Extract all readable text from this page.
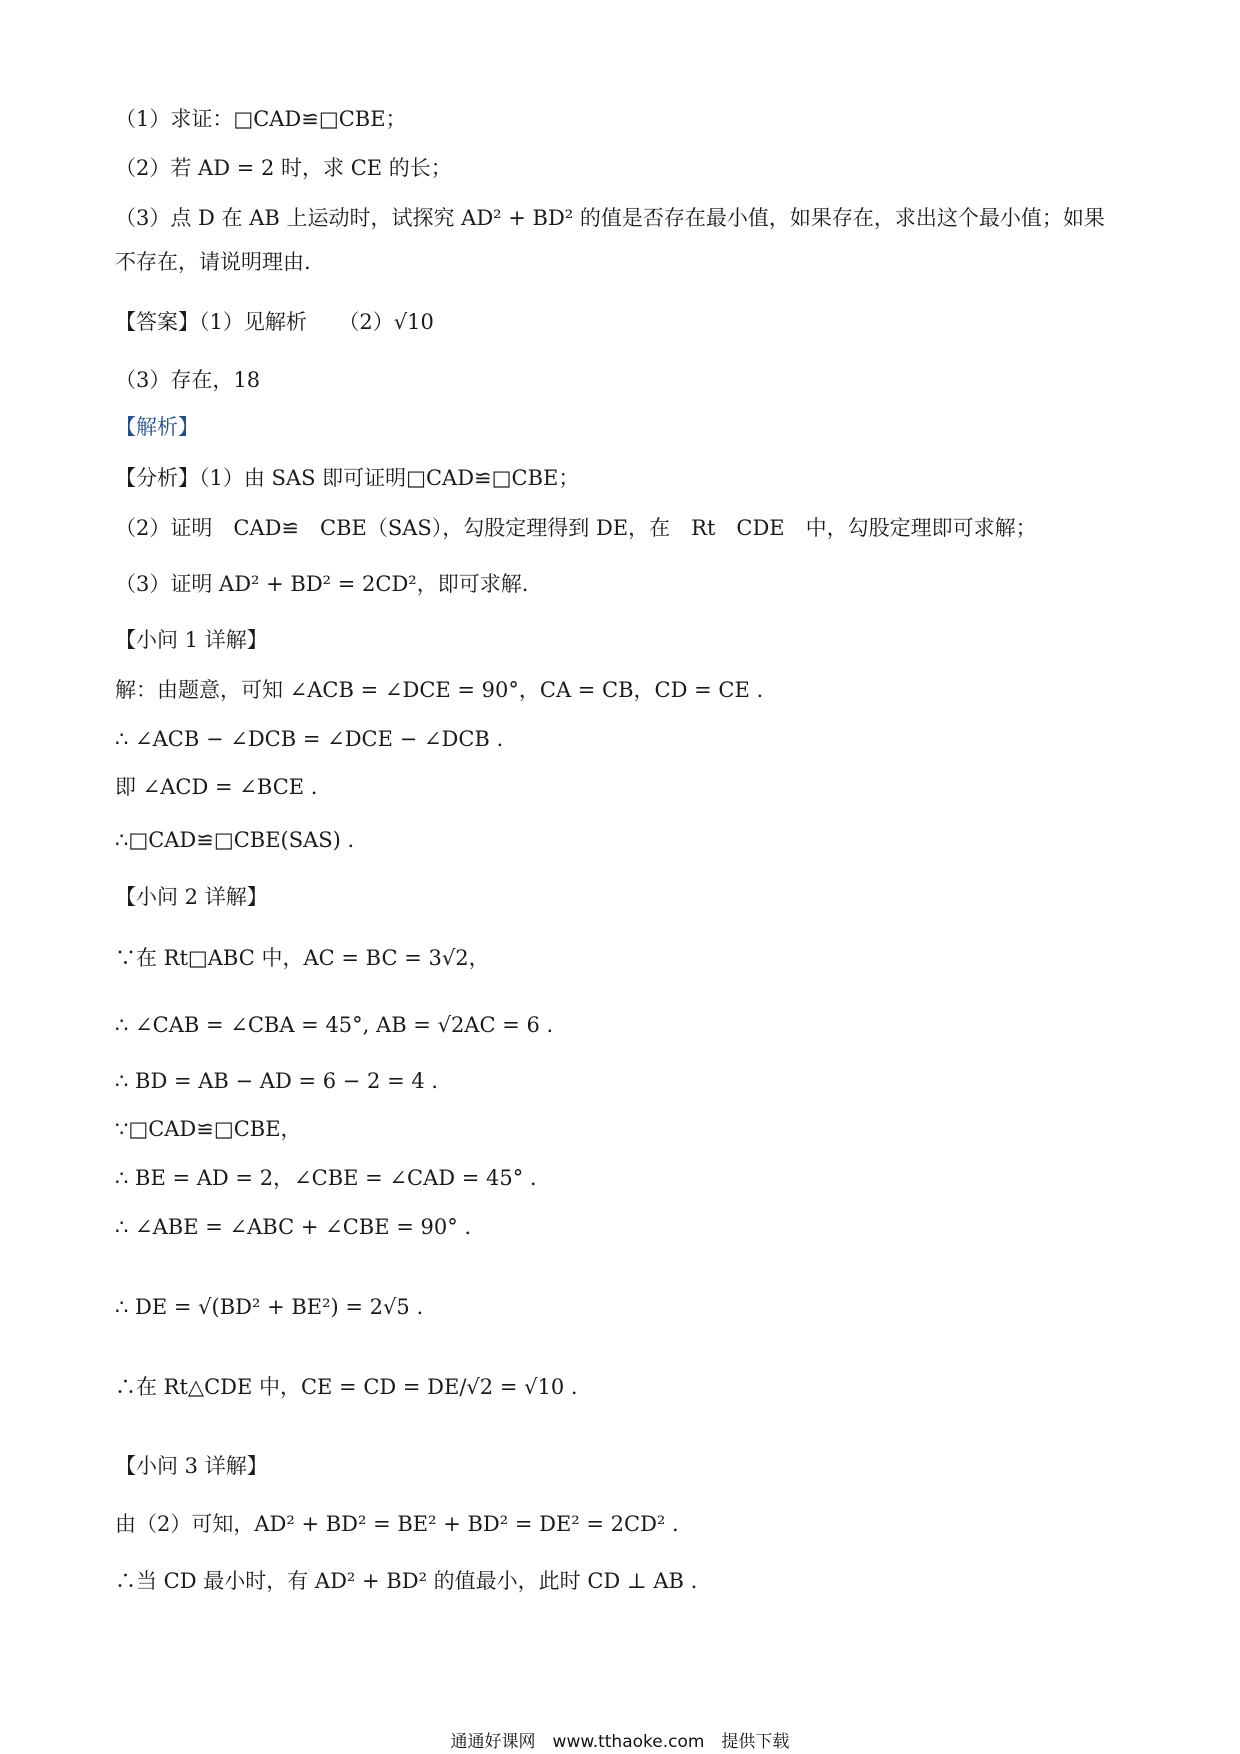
（1）求证：□CAD≌□CBE；
（2）若 AD = 2 时，求 CE 的长；
（3）点 D 在 AB 上运动时，试探究 AD² + BD² 的值是否存在最小值，如果存在，求出这个最小值；如果不存在，请说明理由.
【答案】（1）见解析　　（2）√10
（3）存在，18
【解析】
【分析】（1）由 SAS 即可证明□CAD≌□CBE；
（2）证明　CAD≌　CBE（SAS），勾股定理得到 DE，在　Rt　CDE　中，勾股定理即可求解；
（3）证明 AD² + BD² = 2CD²，即可求解.
【小问 1 详解】
解：由题意，可知 ∠ACB = ∠DCE = 90°，CA = CB，CD = CE .
∴ ∠ACB − ∠DCB = ∠DCE − ∠DCB .
即 ∠ACD = ∠BCE .
∴□CAD≌□CBE(SAS) .
【小问 2 详解】
∵在 Rt□ABC 中，AC = BC = 3√2，
∴ ∠CAB = ∠CBA = 45°, AB = √2AC = 6 .
∴ BD = AB − AD = 6 − 2 = 4 .
∵□CAD≌□CBE，
∴ BE = AD = 2，∠CBE = ∠CAD = 45° .
∴ ∠ABE = ∠ABC + ∠CBE = 90° .
∴ DE = √(BD² + BE²) = 2√5 .
∴在 Rt△CDE 中，CE = CD = DE/√2 = √10 .
【小问 3 详解】
由（2）可知，AD² + BD² = BE² + BD² = DE² = 2CD² .
∴当 CD 最小时，有 AD² + BD² 的值最小，此时 CD ⊥ AB .
通通好课网　www.tthaoke.com　提供下载
